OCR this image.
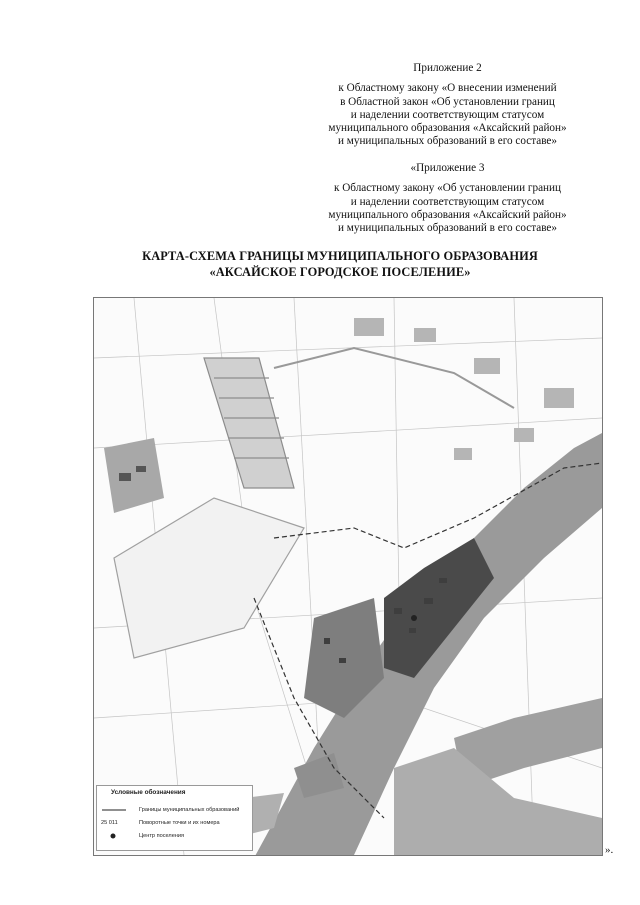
Приложение 2
к Областному закону «О внесении изменений
в Областной закон «Об установлении границ
и наделении соответствующим статусом
муниципального образования «Аксайский район»
и муниципальных образований в его составе»
«Приложение 3
к Областному закону «Об установлении границ
и наделении соответствующим статусом
муниципального образования «Аксайский район»
и муниципальных образований в его составе»
КАРТА-СХЕМА ГРАНИЦЫ МУНИЦИПАЛЬНОГО ОБРАЗОВАНИЯ
«АКСАЙСКОЕ ГОРОДСКОЕ ПОСЕЛЕНИЕ»
Условные обозначения
Границы муниципальных образований
25 011	Поворотные точки и их номера
Центр поселения
».
